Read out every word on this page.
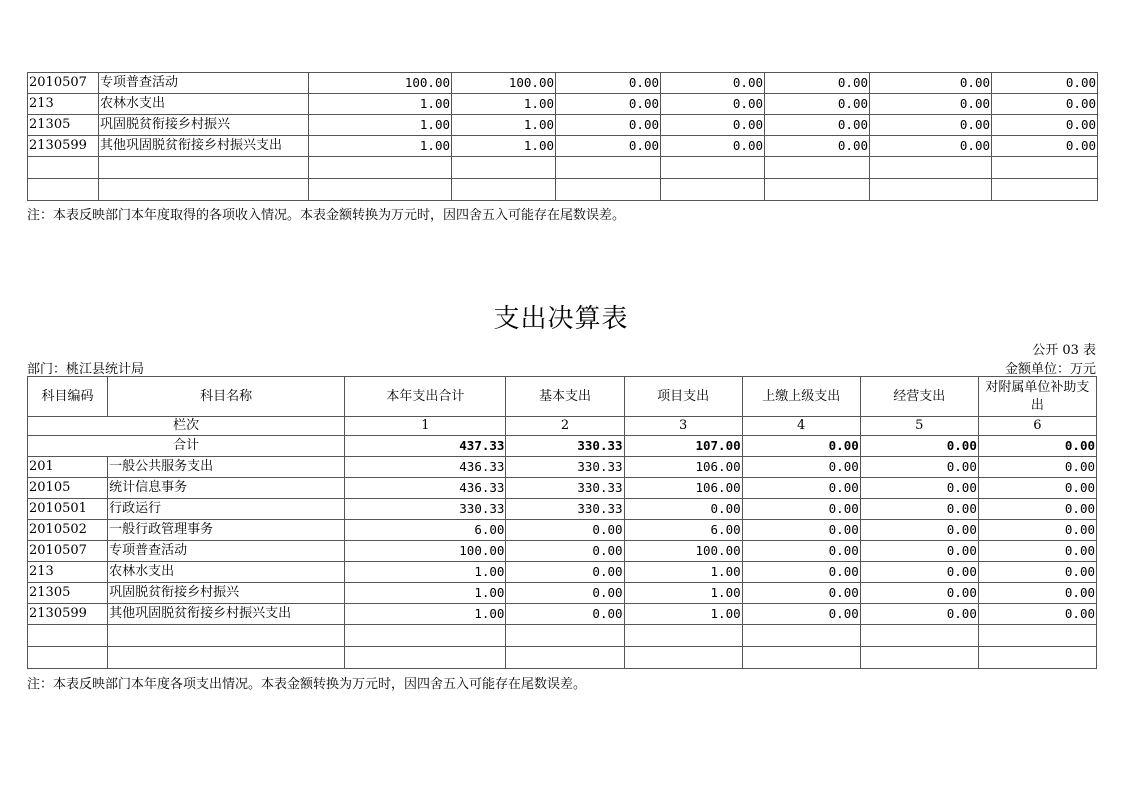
2010507	专项普查活动	100.00	100.00	0.00	0.00	0.00	0.00	0.00
213	农林水支出	1.00	1.00	0.00	0.00	0.00	0.00	0.00
21305	巩固脱贫衔接乡村振兴	1.00	1.00	0.00	0.00	0.00	0.00	0.00
2130599	其他巩固脱贫衔接乡村振兴支出	1.00	1.00	0.00	0.00	0.00	0.00	0.00

注：本表反映部门本年度取得的各项收入情况。本表金额转换为万元时，因四舍五入可能存在尾数误差。
支出决算表
公开 03 表
部门：桃江县统计局	金额单位：万元
科目编码	科目名称	本年支出合计	基本支出	项目支出	上缴上级支出	经营支出	对附属单位补助支出
栏次		1	2	3	4	5	6
合计		437.33	330.33	107.00	0.00	0.00	0.00
201	一般公共服务支出	436.33	330.33	106.00	0.00	0.00	0.00
20105	统计信息事务	436.33	330.33	106.00	0.00	0.00	0.00
2010501	行政运行	330.33	330.33	0.00	0.00	0.00	0.00
2010502	一般行政管理事务	6.00	0.00	6.00	0.00	0.00	0.00
2010507	专项普查活动	100.00	0.00	100.00	0.00	0.00	0.00
213	农林水支出	1.00	0.00	1.00	0.00	0.00	0.00
21305	巩固脱贫衔接乡村振兴	1.00	0.00	1.00	0.00	0.00	0.00
2130599	其他巩固脱贫衔接乡村振兴支出	1.00	0.00	1.00	0.00	0.00	0.00

注：本表反映部门本年度各项支出情况。本表金额转换为万元时，因四舍五入可能存在尾数误差。
